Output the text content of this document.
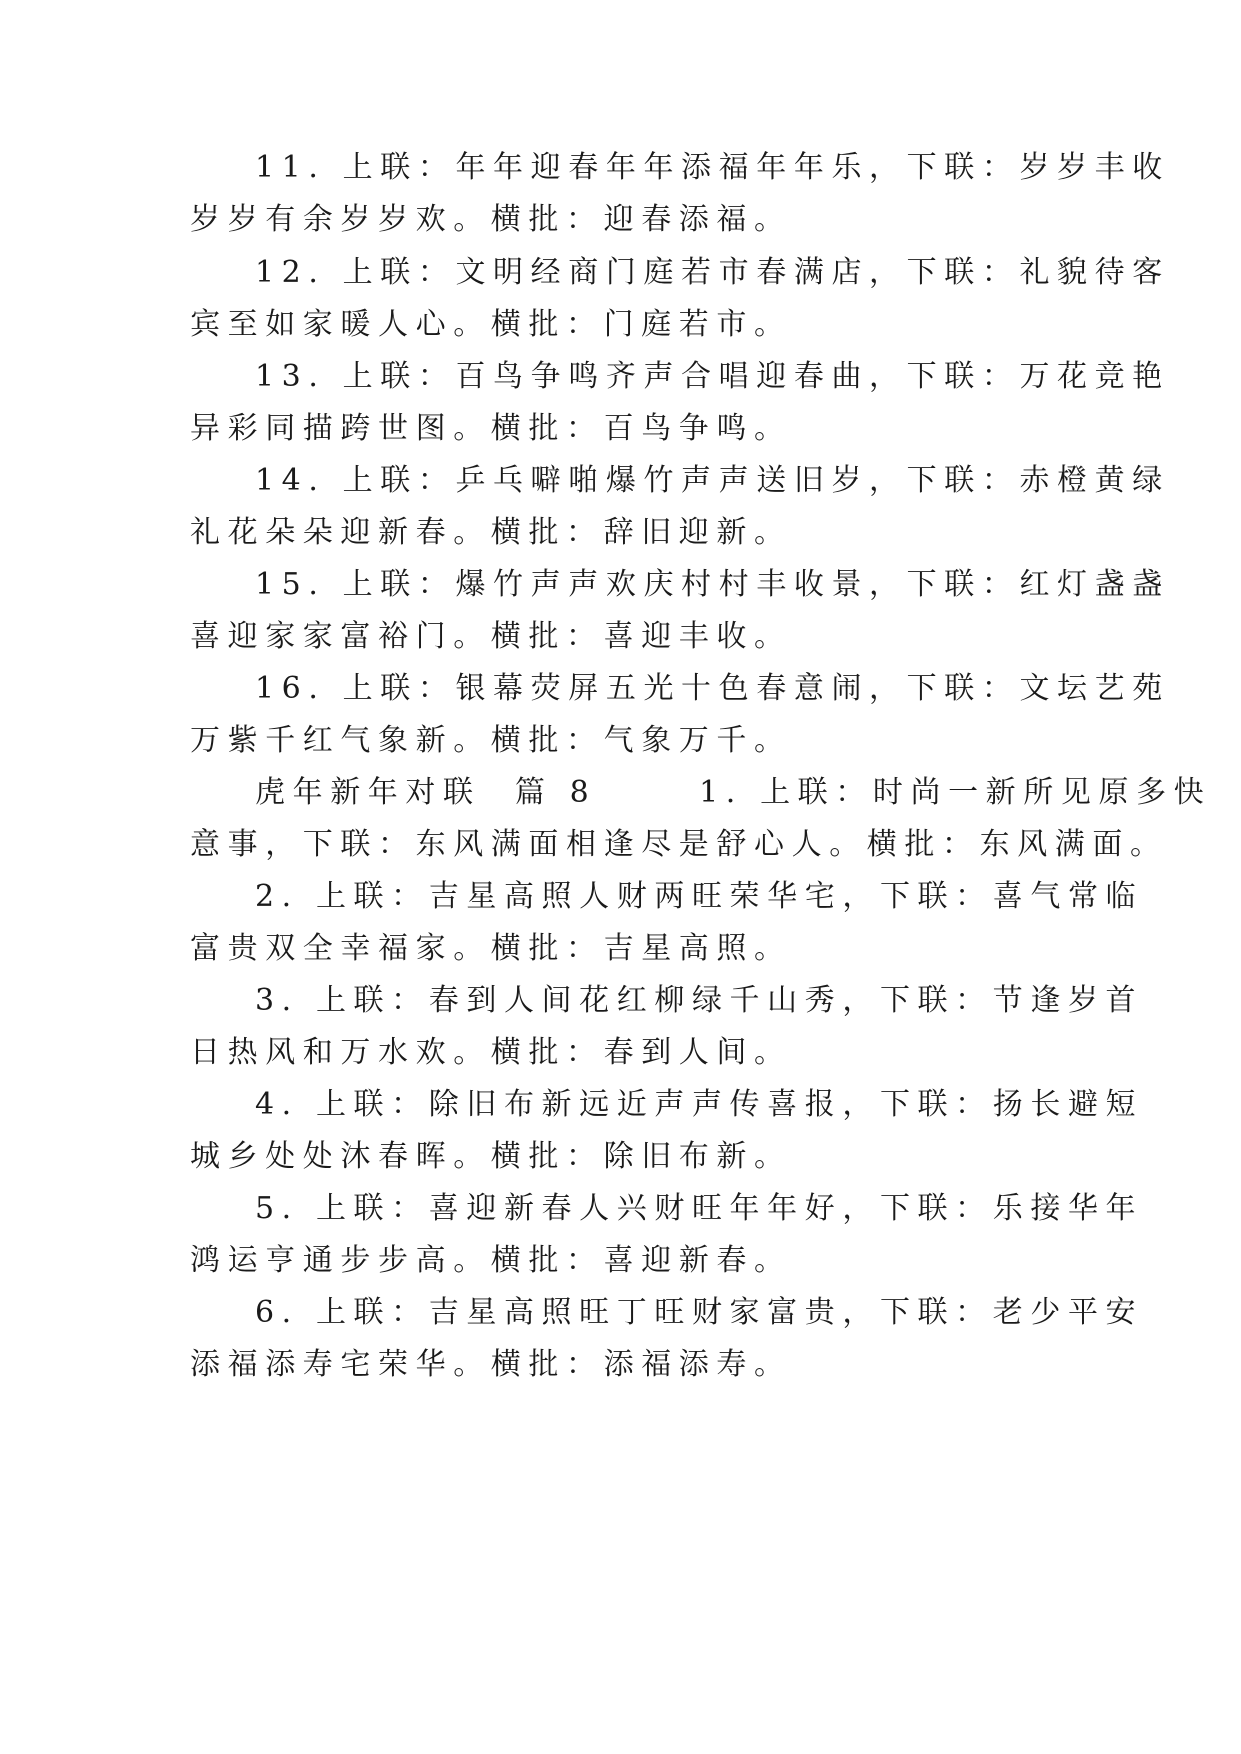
11. 上联：年年迎春年年添福年年乐，下联：岁岁丰收
岁岁有余岁岁欢。横批：迎春添福。
12. 上联：文明经商门庭若市春满店，下联：礼貌待客
宾至如家暖人心。横批：门庭若市。
13. 上联：百鸟争鸣齐声合唱迎春曲，下联：万花竞艳
异彩同描跨世图。横批：百鸟争鸣。
14. 上联：乒乓噼啪爆竹声声送旧岁，下联：赤橙黄绿
礼花朵朵迎新春。横批：辞旧迎新。
15. 上联：爆竹声声欢庆村村丰收景，下联：红灯盏盏
喜迎家家富裕门。横批：喜迎丰收。
16. 上联：银幕荧屏五光十色春意闹，下联：文坛艺苑
万紫千红气象新。横批：气象万千。
虎年新年对联  篇 8      1. 上联：时尚一新所见原多快
意事，下联：东风满面相逢尽是舒心人。横批：东风满面。
2. 上联：吉星高照人财两旺荣华宅，下联：喜气常临
富贵双全幸福家。横批：吉星高照。
3. 上联：春到人间花红柳绿千山秀，下联：节逢岁首
日热风和万水欢。横批：春到人间。
4. 上联：除旧布新远近声声传喜报，下联：扬长避短
城乡处处沐春晖。横批：除旧布新。
5. 上联：喜迎新春人兴财旺年年好，下联：乐接华年
鸿运亨通步步高。横批：喜迎新春。
6. 上联：吉星高照旺丁旺财家富贵，下联：老少平安
添福添寿宅荣华。横批：添福添寿。
